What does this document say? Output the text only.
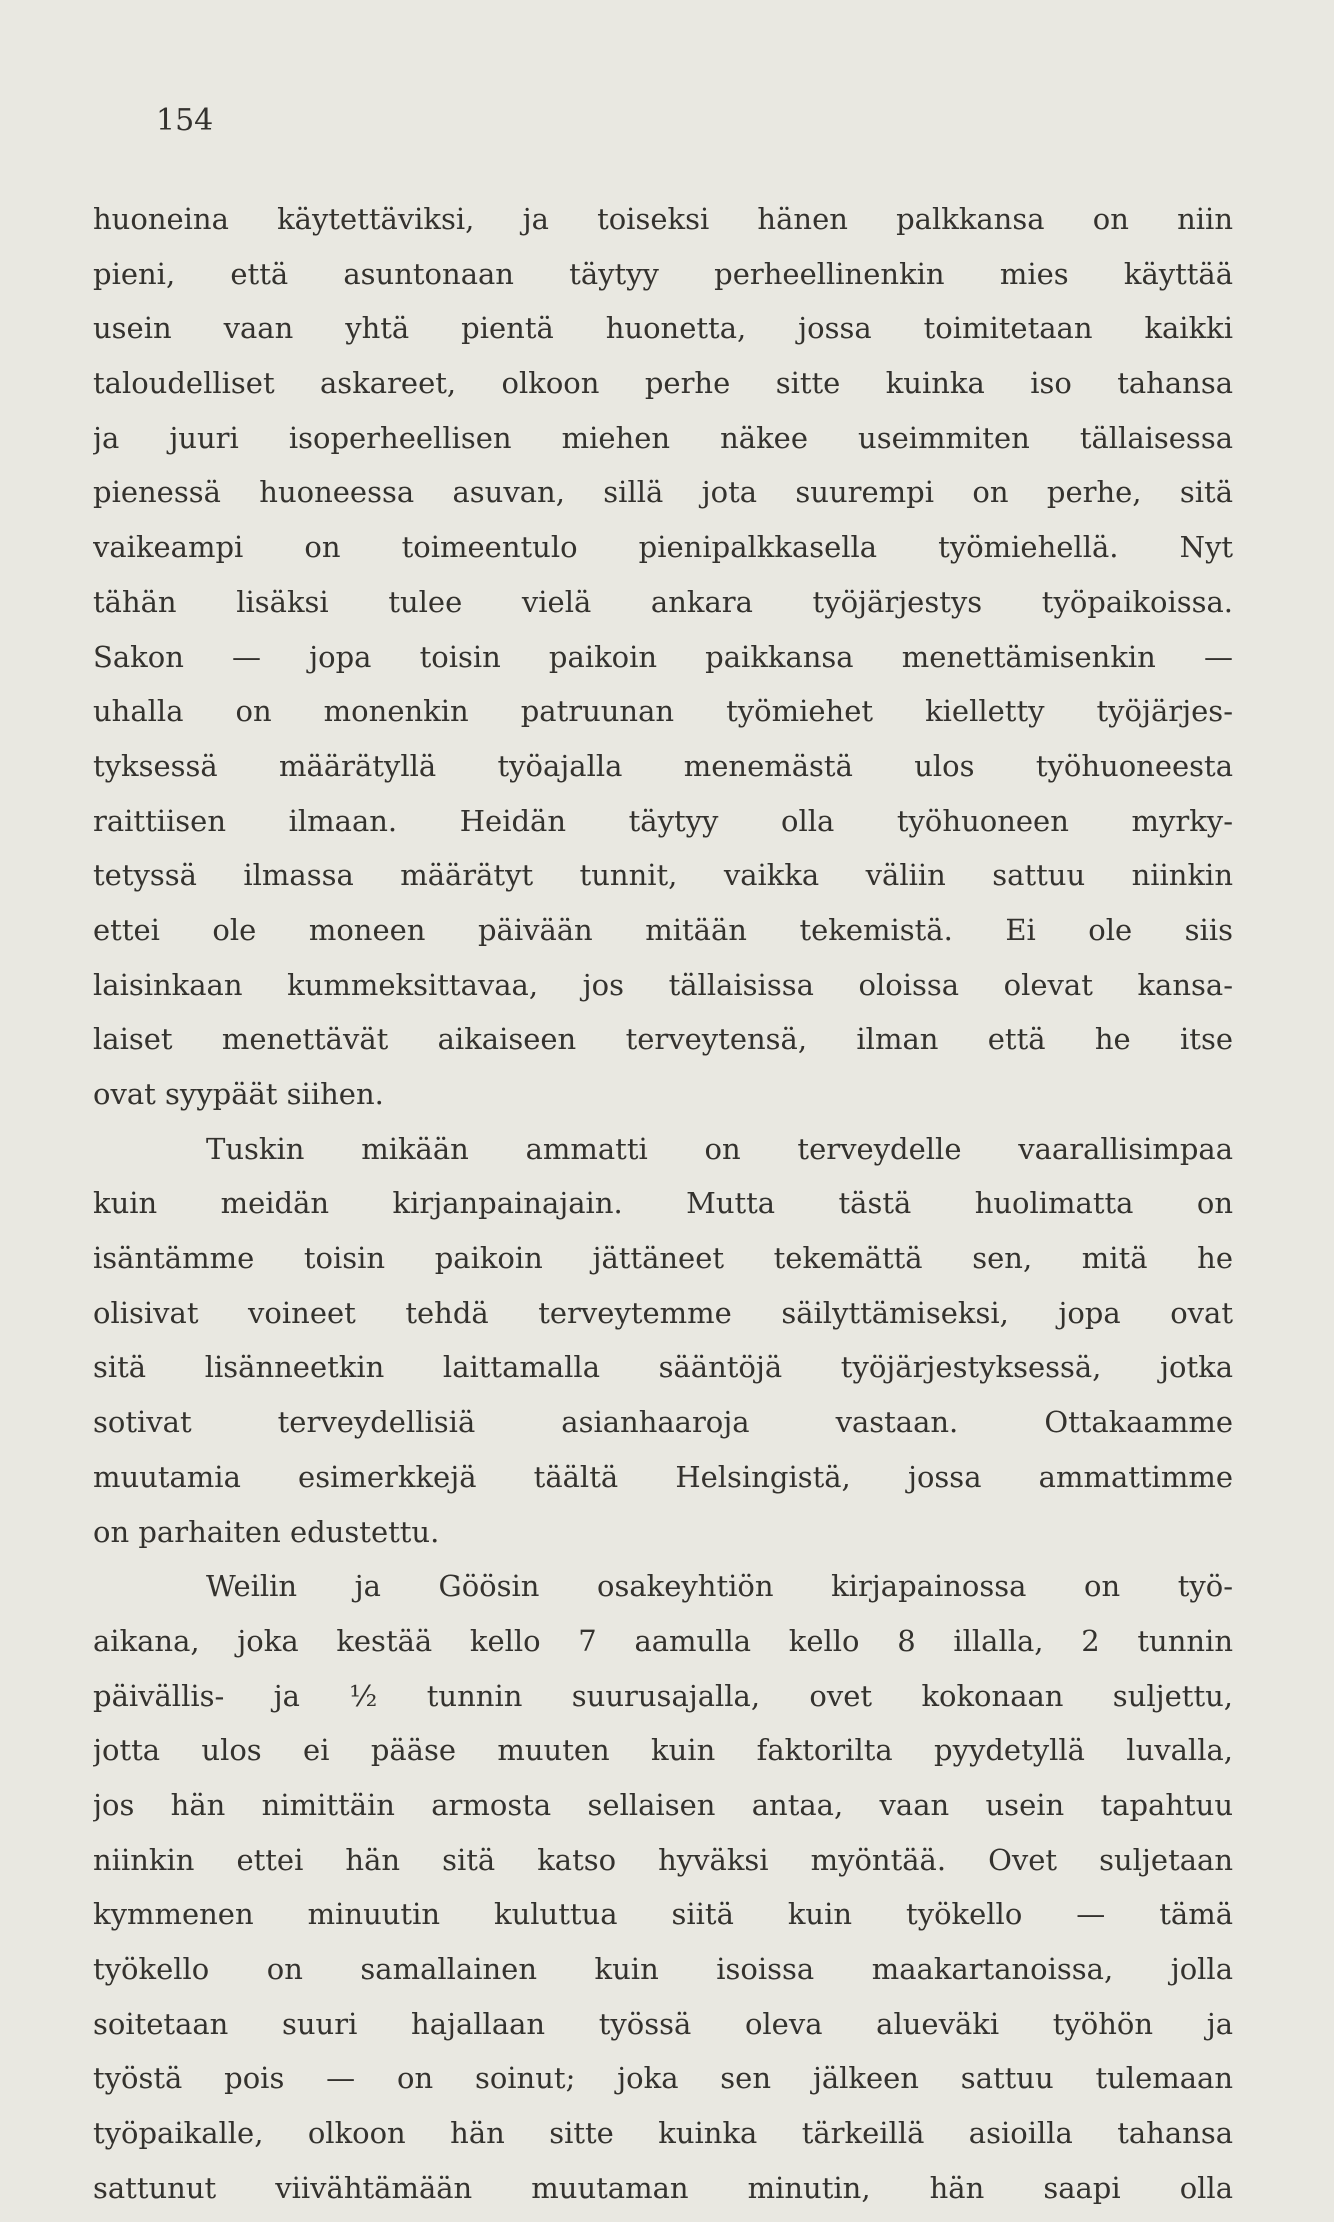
154
huoneina käytettäviksi, ja toiseksi hänen palkkansa on niin
pieni, että asuntonaan täytyy perheellinenkin mies käyttää
usein vaan yhtä pientä huonetta, jossa toimitetaan kaikki
taloudelliset askareet, olkoon perhe sitte kuinka iso tahansa
ja juuri isoperheellisen miehen näkee useimmiten tällaisessa
pienessä huoneessa asuvan, sillä jota suurempi on perhe, sitä
vaikeampi on toimeentulo pienipalkkasella työmiehellä. Nyt
tähän lisäksi tulee vielä ankara työjärjestys työpaikoissa.
Sakon — jopa toisin paikoin paikkansa menettämisenkin —
uhalla on monenkin patruunan työmiehet kielletty työjärjes-
tyksessä määrätyllä työajalla menemästä ulos työhuoneesta
raittiisen ilmaan. Heidän täytyy olla työhuoneen myrky-
tetyssä ilmassa määrätyt tunnit, vaikka väliin sattuu niinkin
ettei ole moneen päivään mitään tekemistä. Ei ole siis
laisinkaan kummeksittavaa, jos tällaisissa oloissa olevat kansa-
laiset menettävät aikaiseen terveytensä, ilman että he itse
ovat syypäät siihen.
Tuskin mikään ammatti on terveydelle vaarallisimpaa
kuin meidän kirjanpainajain. Mutta tästä huolimatta on
isäntämme toisin paikoin jättäneet tekemättä sen, mitä he
olisivat voineet tehdä terveytemme säilyttämiseksi, jopa ovat
sitä lisänneetkin laittamalla sääntöjä työjärjestyksessä, jotka
sotivat terveydellisiä asianhaaroja vastaan. Ottakaamme
muutamia esimerkkejä täältä Helsingistä, jossa ammattimme
on parhaiten edustettu.
Weilin ja Göösin osakeyhtiön kirjapainossa on työ-
aikana, joka kestää kello 7 aamulla kello 8 illalla, 2 tunnin
päivällis- ja ½ tunnin suurusajalla, ovet kokonaan suljettu,
jotta ulos ei pääse muuten kuin faktorilta pyydetyllä luvalla,
jos hän nimittäin armosta sellaisen antaa, vaan usein tapahtuu
niinkin ettei hän sitä katso hyväksi myöntää. Ovet suljetaan
kymmenen minuutin kuluttua siitä kuin työkello — tämä
työkello on samallainen kuin isoissa maakartanoissa, jolla
soitetaan suuri hajallaan työssä oleva alueväki työhön ja
työstä pois — on soinut; joka sen jälkeen sattuu tulemaan
työpaikalle, olkoon hän sitte kuinka tärkeillä asioilla tahansa
sattunut viivähtämään muutaman minutin, hän saapi olla
